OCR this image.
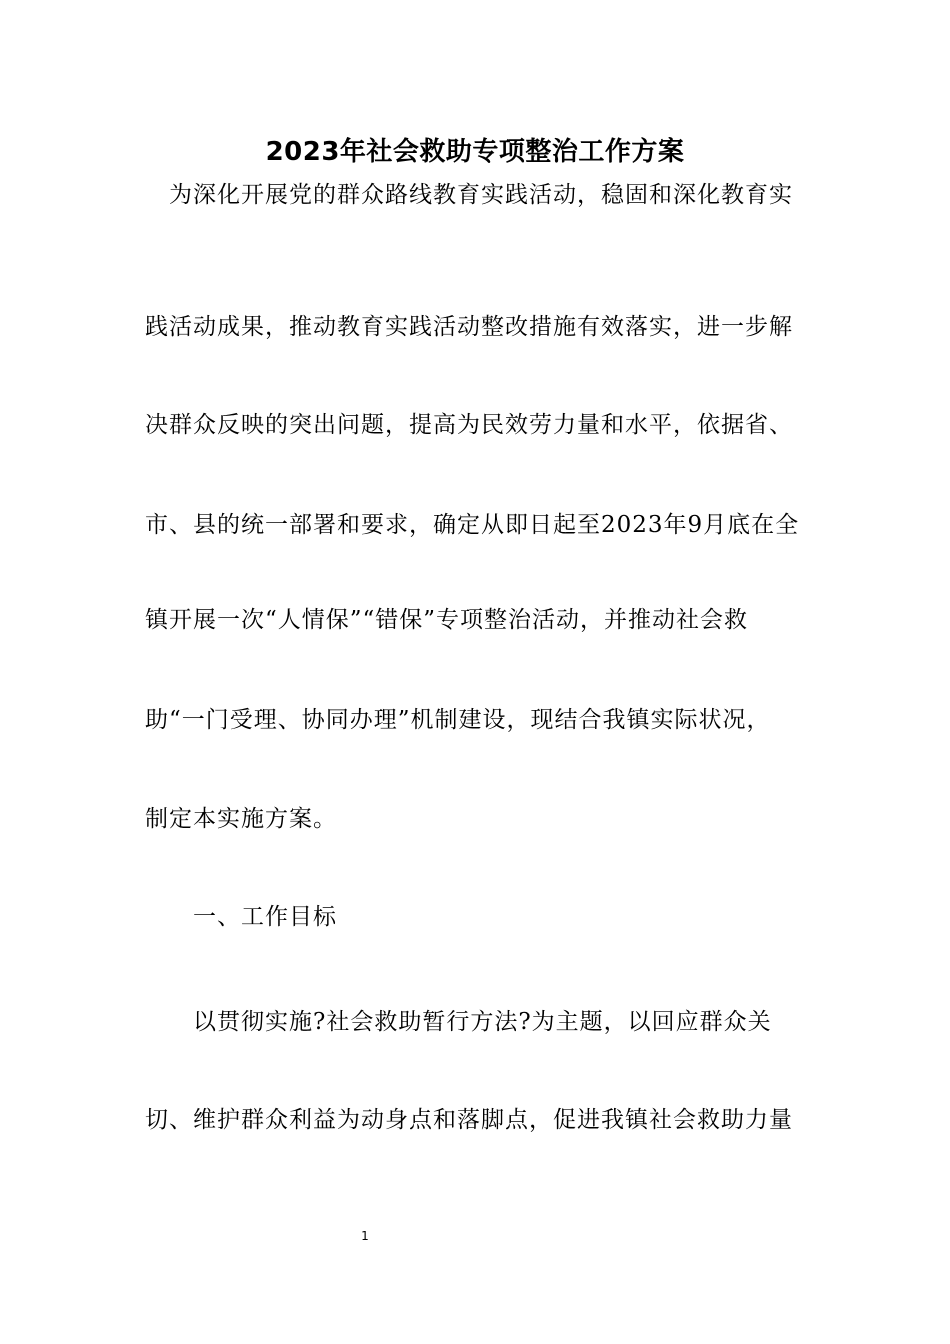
2023年社会救助专项整治工作方案

　为深化开展党的群众路线教育实践活动，稳固和深化教育实

践活动成果，推动教育实践活动整改措施有效落实，进一步解

决群众反映的突出问题，提高为民效劳力量和水平，依据省、

市、县的统一部署和要求，确定从即日起至2023年9月底在全

镇开展一次“人情保”“错保”专项整治活动，并推动社会救

助“一门受理、协同办理”机制建设，现结合我镇实际状况，

制定本实施方案。

　　一、工作目标

　　以贯彻实施?社会救助暂行方法?为主题，以回应群众关

切、维护群众利益为动身点和落脚点，促进我镇社会救助力量

1
